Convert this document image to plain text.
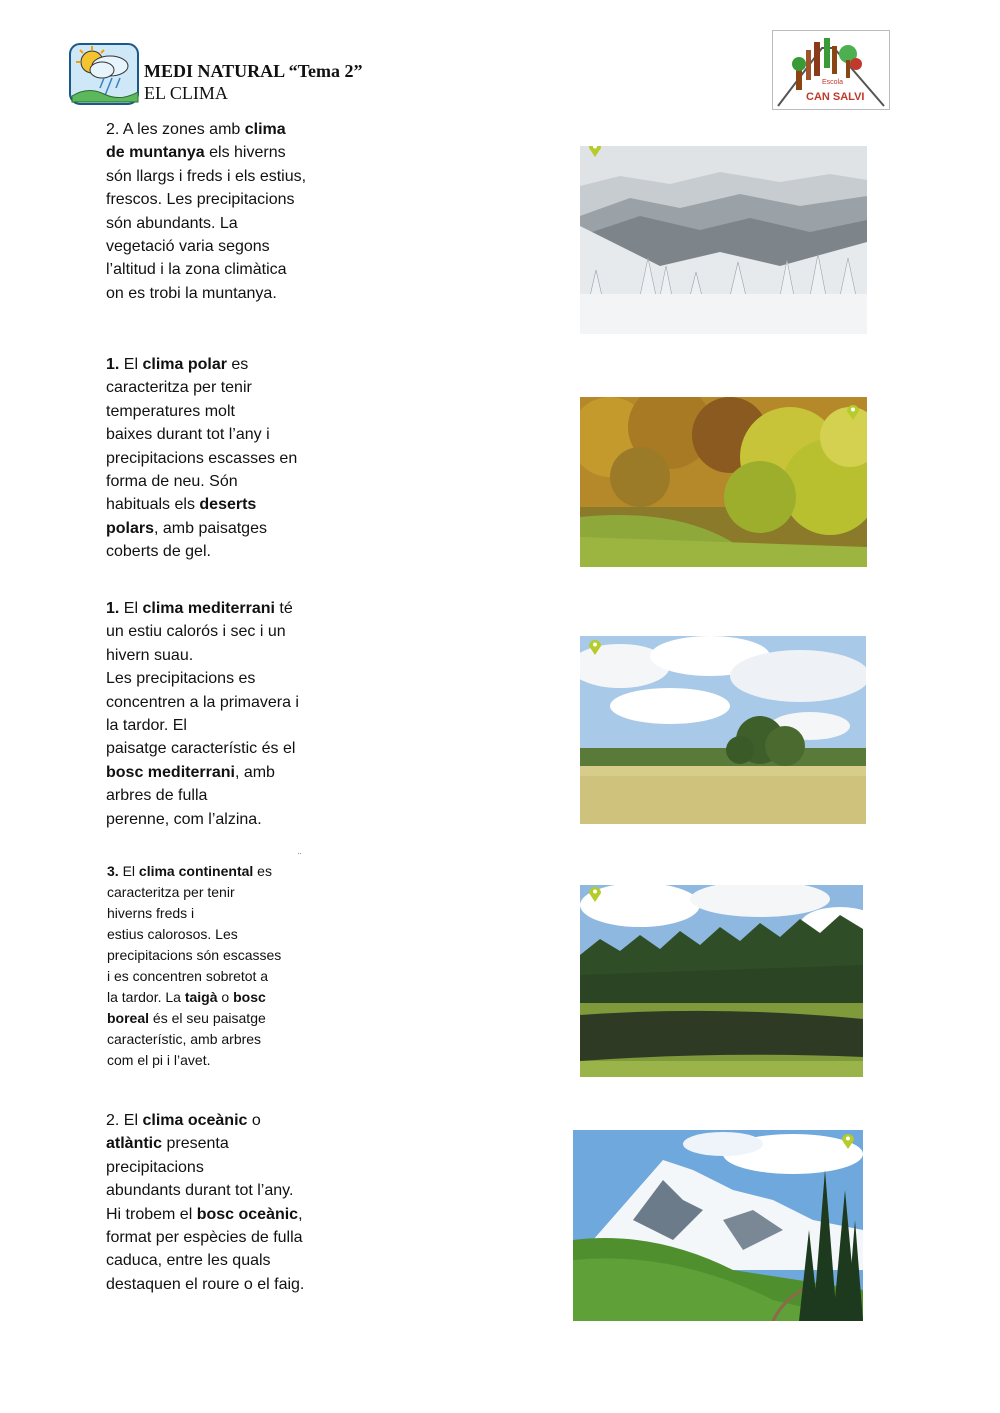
MEDI NATURAL “Tema 2”
EL CLIMA
Escola
CAN SALVI
2. A les zones amb clima
de muntanya els hiverns
són llargs i freds i els estius,
frescos. Les precipitacions
són abundants. La
vegetació varia segons
l’altitud i la zona climàtica
on es trobi la muntanya.
1. El clima polar es
caracteritza per tenir
temperatures molt
baixes durant tot l’any i
precipitacions escasses en
forma de neu. Són
habituals els deserts
polars, amb paisatges
coberts de gel.
1. El clima mediterrani té
un estiu calorós i sec i un
hivern suau.
Les precipitacions es
concentren a la primavera i
la tardor. El
paisatge característic és el
bosc mediterrani, amb
arbres de fulla
perenne, com l’alzina.
¨
3. El clima continental es
caracteritza per tenir
hiverns freds i
estius calorosos. Les
precipitacions són escasses
i es concentren sobretot a
la tardor. La taigà o bosc
boreal és el seu paisatge
característic, amb arbres
com el pi i l’avet.
2. El clima oceànic o
atlàntic presenta
precipitacions
abundants durant tot l’any.
Hi trobem el bosc oceànic,
format per espècies de fulla
caduca, entre les quals
destaquen el roure o el faig.
